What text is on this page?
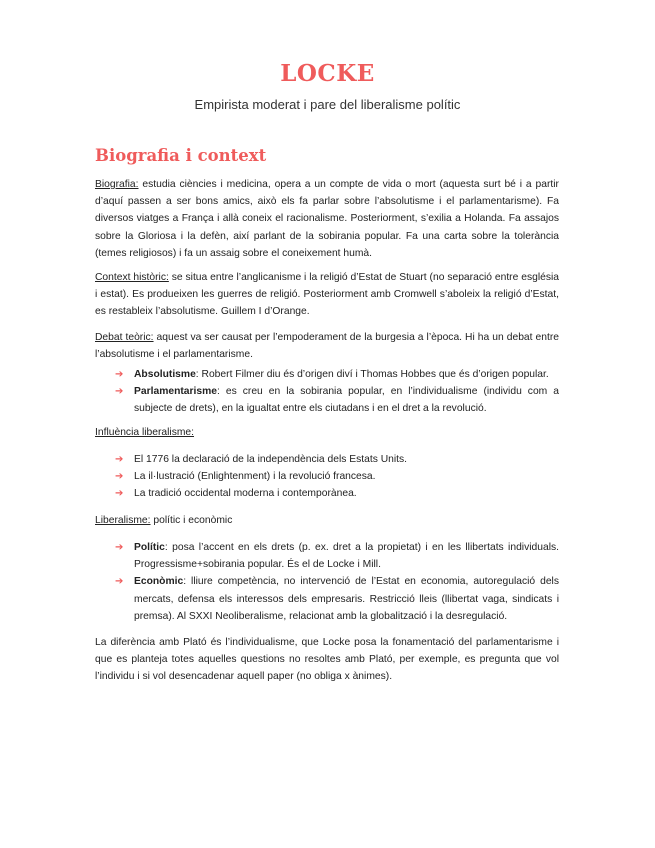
LOCKE
Empirista moderat i pare del liberalisme polític
Biografia i context
Biografia: estudia ciències i medicina, opera a un compte de vida o mort (aquesta surt bé i a partir d’aquí passen a ser bons amics, això els fa parlar sobre l’absolutisme i el parlamentarisme). Fa diversos viatges a França i allà coneix el racionalisme. Posteriorment, s’exilia a Holanda. Fa assajos sobre la Gloriosa i la defèn, així parlant de la sobirania popular. Fa una carta sobre la tolerància (temes religiosos) i fa un assaig sobre el coneixement humà.
Context històric: se situa entre l’anglicanisme i la religió d’Estat de Stuart (no separació entre església i estat). Es produeixen les guerres de religió. Posteriorment amb Cromwell s’aboleix la religió d’Estat, es restableix l’absolutisme. Guillem I d’Orange.
Debat teòric: aquest va ser causat per l’empoderament de la burgesia a l’època. Hi ha un debat entre l’absolutisme i el parlamentarisme.
➔ Absolutisme: Robert Filmer diu és d’origen diví i Thomas Hobbes que és d’origen popular.
➔ Parlamentarisme: es creu en la sobirania popular, en l’individualisme (individu com a subjecte de drets), en la igualtat entre els ciutadans i en el dret a la revolució.
Influència liberalisme:
➔ El 1776 la declaració de la independència dels Estats Units.
➔ La il·lustració (Enlightenment) i la revolució francesa.
➔ La tradició occidental moderna i contemporànea.
Liberalisme: polític i econòmic
➔ Polític: posa l’accent en els drets (p. ex. dret a la propietat) i en les llibertats individuals. Progressisme+sobirania popular. És el de Locke i Mill.
➔ Econòmic: lliure competència, no intervenció de l’Estat en economia, autoregulació dels mercats, defensa els interessos dels empresaris. Restricció lleis (llibertat vaga, sindicats i premsa). Al SXXI Neoliberalisme, relacionat amb la globalització i la desregulació.
La diferència amb Plató és l’individualisme, que Locke posa la fonamentació del parlamentarisme i que es planteja totes aquelles questions no resoltes amb Plató, per exemple, es pregunta que vol l’individu i si vol desencadenar aquell paper (no obliga x ànimes).
